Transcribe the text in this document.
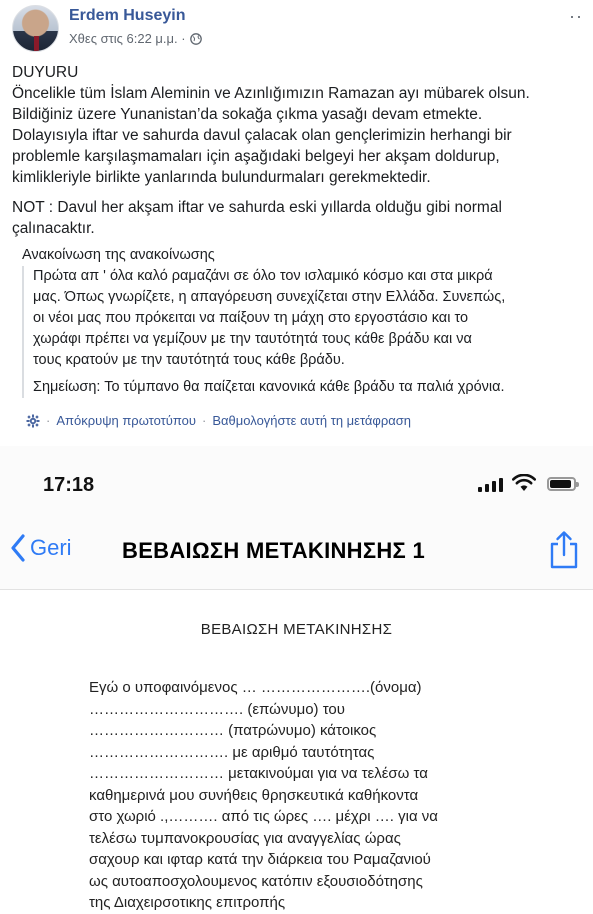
Erdem Huseyin
Χθες στις 6:22 μ.μ. ·
··

DUYURU

Öncelikle tüm İslam Aleminin ve Azınlığımızın Ramazan ayı mübarek olsun.

Bildiğiniz üzere Yunanistan’da sokağa çıkma yasağı devam etmekte.

Dolayısıyla iftar ve sahurda davul çalacak olan gençlerimizin herhangi bir

problemle karşılaşmamaları için aşağıdaki belgeyi her akşam doldurup,

kimlikleriyle birlikte yanlarında bulundurmaları gerekmektedir.

NOT : Davul her akşam iftar ve sahurda eski yıllarda olduğu gibi normal

çalınacaktır.

Ανακοίνωση της ανακοίνωσης

Πρώτα απ ' όλα καλό ραμαζάνι σε όλο τον ισλαμικό κόσμο και στα μικρά
μας. Όπως γνωρίζετε, η απαγόρευση συνεχίζεται στην Ελλάδα. Συνεπώς,
οι νέοι μας που πρόκειται να παίξουν τη μάχη στο εργοστάσιο και το
χωράφι πρέπει να γεμίζουν με την ταυτότητά τους κάθε βράδυ και να
τους κρατούν με την ταυτότητά τους κάθε βράδυ.

Σημείωση: Το τύμπανο θα παίζεται κανονικά κάθε βράδυ τα παλιά χρόνια.

· Απόκρυψη πρωτοτύπου · Βαθμολογήστε αυτή τη μετάφραση
17:18
Geri ΒΕΒΑΙΩΣΗ ΜΕΤΑΚΙΝΗΣΗΣ 1
ΒΕΒΑΙΩΣΗ ΜΕΤΑΚΙΝΗΣΗΣ
Εγώ ο υποφαινόμενος … ………………….(όνομα)
…………………………. (επώνυμο) του
……………………… (πατρώνυμο) κάτοικος
………………………. με αριθμό ταυτότητας
……………………… μετακινούμαι για να τελέσω τα
καθημερινά μου συνήθεις θρησκευτικά καθήκοντα
στο χωριό .,………. από τις ώρες …. μέχρι …. για να
τελέσω τυμπανοκρουσίας για αναγγελίας ώρας
σαχουρ και ιφταρ κατά την διάρκεια του Ραμαζανιού
ως αυτοαποσχολουμενος κατόπιν εξουσιοδότησης
της Διαχειρσοτικης επιτροπής
